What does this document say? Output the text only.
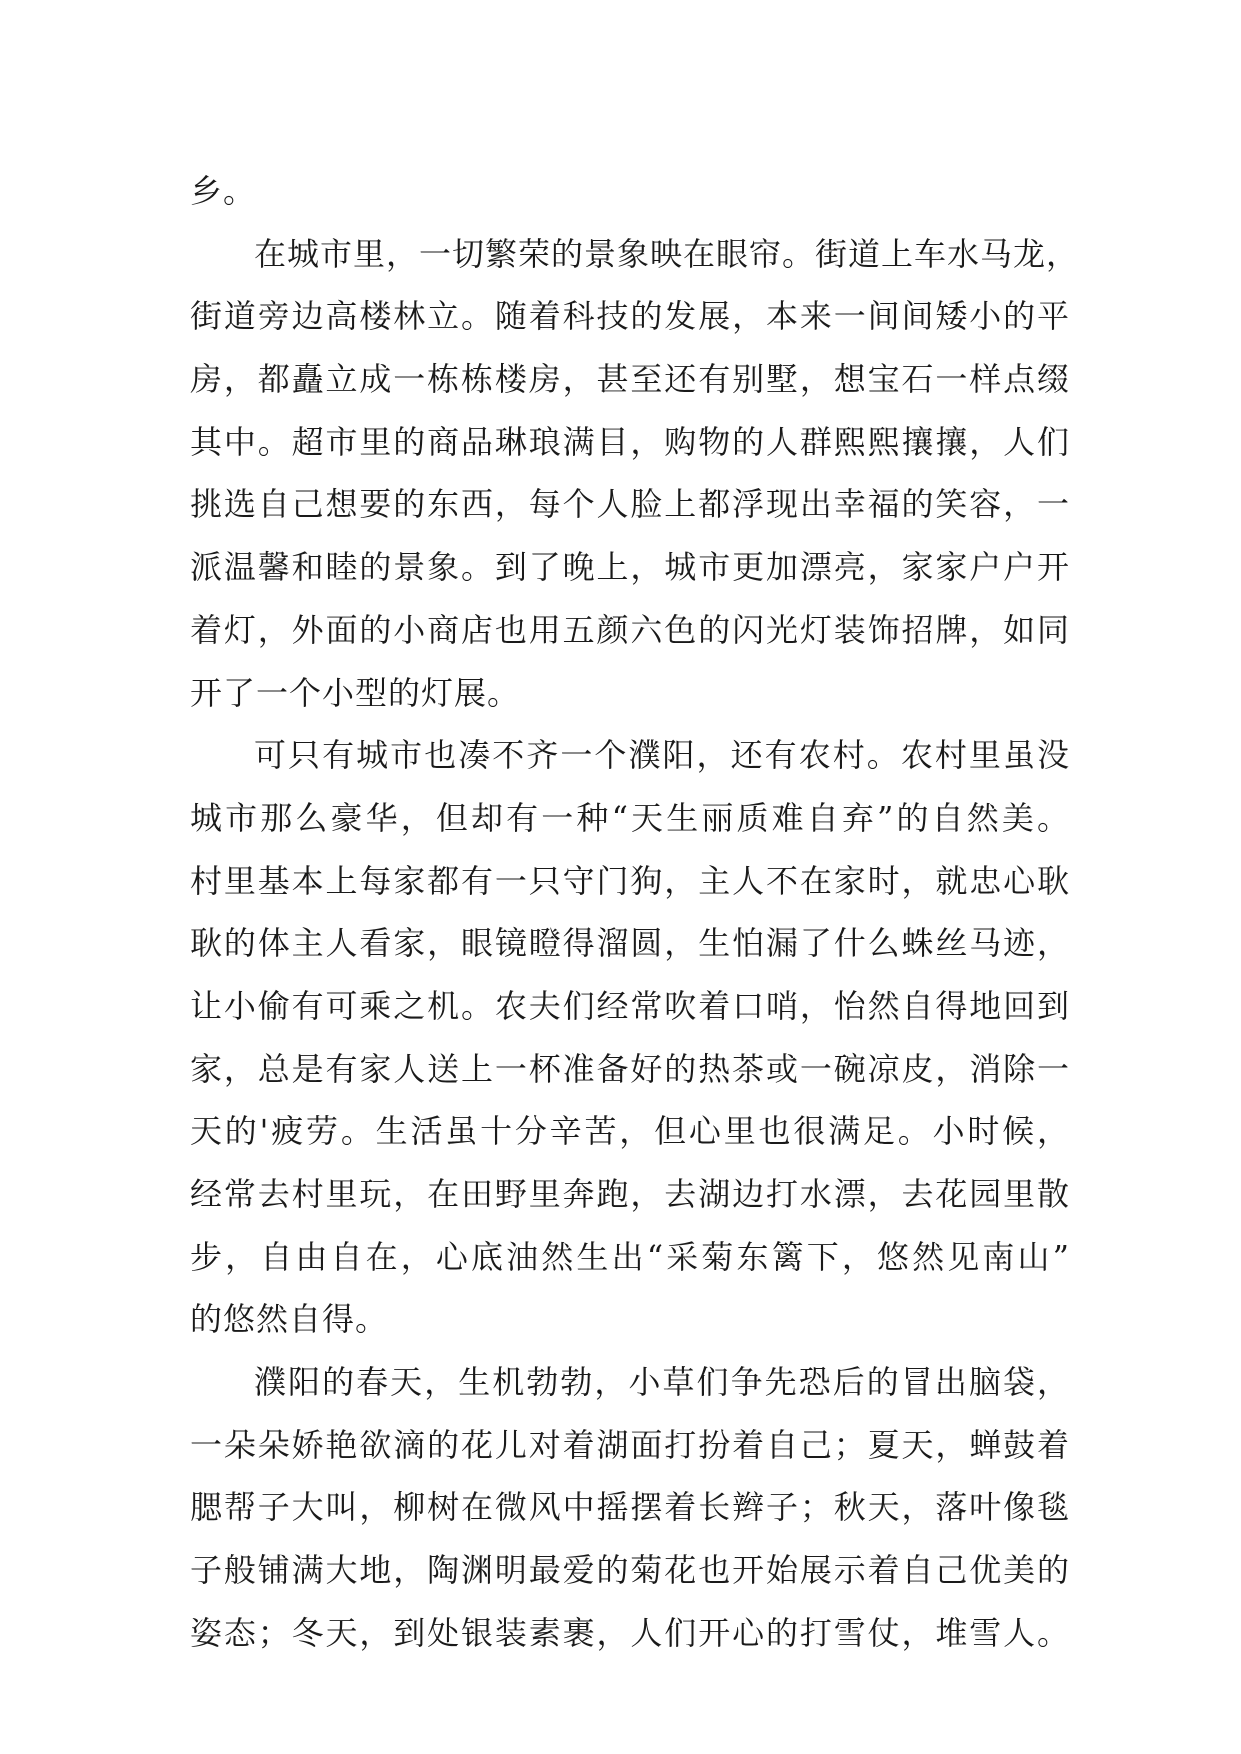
乡。
在城市里，一切繁荣的景象映在眼帘。街道上车水马龙，
街道旁边高楼林立。随着科技的发展，本来一间间矮小的平
房，都矗立成一栋栋楼房，甚至还有别墅，想宝石一样点缀
其中。超市里的商品琳琅满目，购物的人群熙熙攘攘，人们
挑选自己想要的东西，每个人脸上都浮现出幸福的笑容，一
派温馨和睦的景象。到了晚上，城市更加漂亮，家家户户开
着灯，外面的小商店也用五颜六色的闪光灯装饰招牌，如同
开了一个小型的灯展。
可只有城市也凑不齐一个濮阳，还有农村。农村里虽没
城市那么豪华，但却有一种“天生丽质难自弃”的自然美。
村里基本上每家都有一只守门狗，主人不在家时，就忠心耿
耿的体主人看家，眼镜瞪得溜圆，生怕漏了什么蛛丝马迹，
让小偷有可乘之机。农夫们经常吹着口哨，怡然自得地回到
家，总是有家人送上一杯准备好的热茶或一碗凉皮，消除一
天的'疲劳。生活虽十分辛苦，但心里也很满足。小时候，
经常去村里玩，在田野里奔跑，去湖边打水漂，去花园里散
步，自由自在，心底油然生出“采菊东篱下，悠然见南山”
的悠然自得。
濮阳的春天，生机勃勃，小草们争先恐后的冒出脑袋，
一朵朵娇艳欲滴的花儿对着湖面打扮着自己；夏天，蝉鼓着
腮帮子大叫，柳树在微风中摇摆着长辫子；秋天，落叶像毯
子般铺满大地，陶渊明最爱的菊花也开始展示着自己优美的
姿态；冬天，到处银装素裹，人们开心的打雪仗，堆雪人。
